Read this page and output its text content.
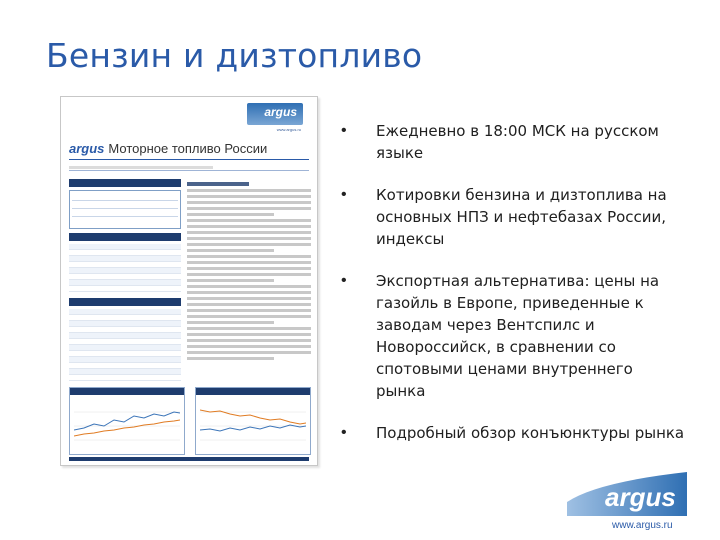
Бензин и дизтопливо
argus
www.argus.ru
argus Моторное топливо России
• Ежедневно в 18:00 МСК на русском языке
• Котировки бензина и дизтоплива на основных НПЗ и нефтебазах России, индексы
• Экспортная альтернатива: цены на газойль в Европе, приведенные к заводам через Вентспилс и Новороссийск, в сравнении со спотовыми ценами внутреннего рынка
• Подробный обзор конъюнктуры рынка
argus
www.argus.ru
